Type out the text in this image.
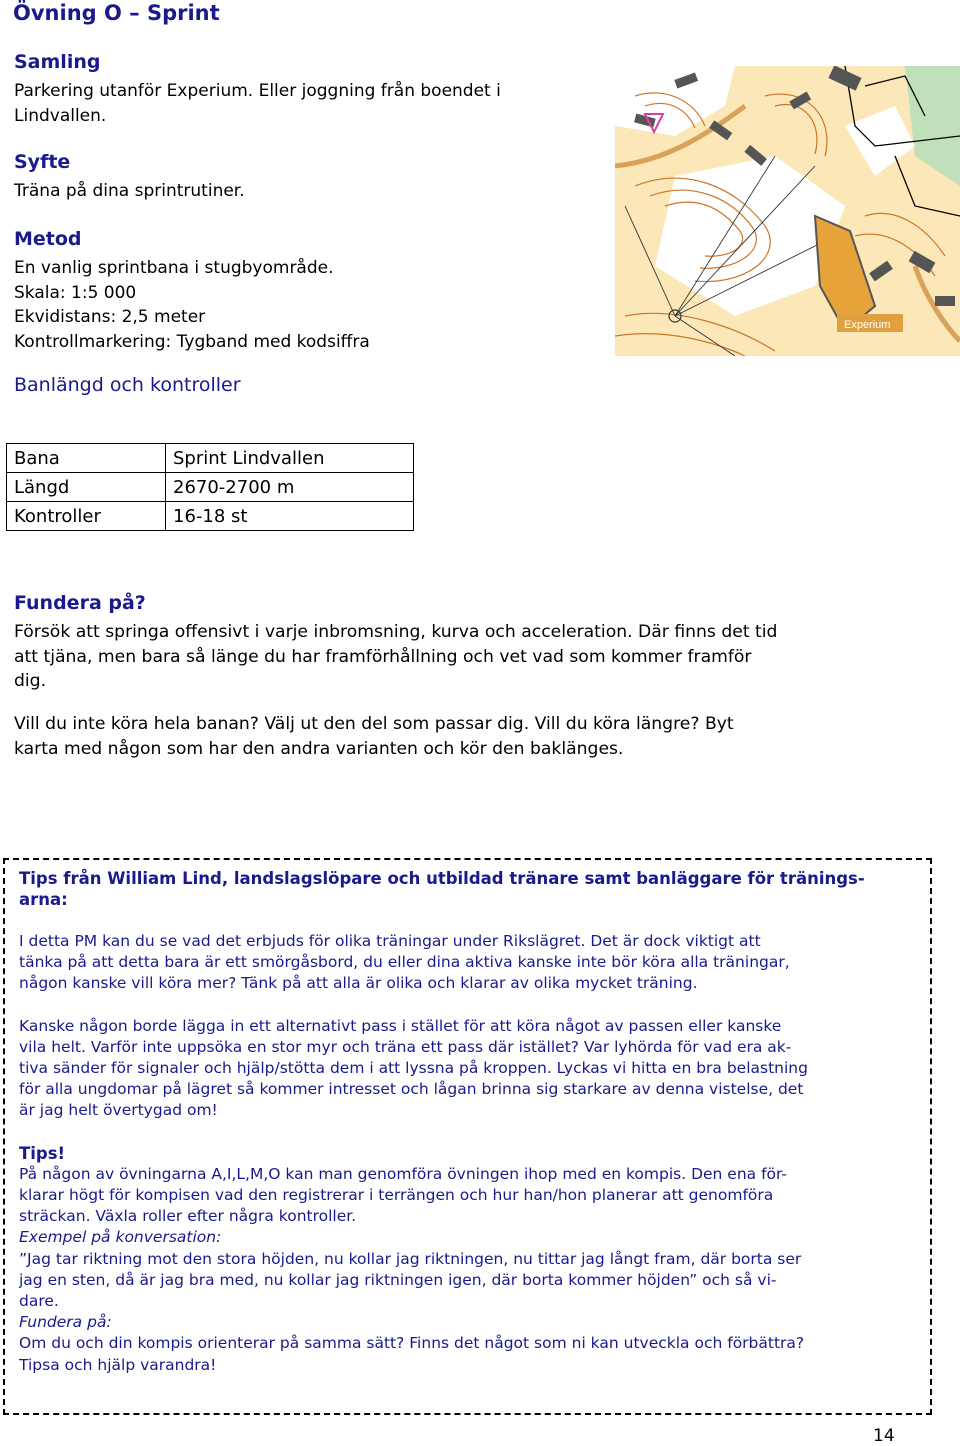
Övning O – Sprint
Samling
Parkering utanför Experium. Eller joggning från boendet i
Lindvallen.
Syfte
Träna på dina sprintrutiner.
Metod
En vanlig sprintbana i stugbyområde.
Skala: 1:5 000
Ekvidistans: 2,5 meter
Kontrollmarkering: Tygband med kodsiffra
Banlängd och kontroller
Bana	Sprint Lindvallen
Längd	2670-2700 m
Kontroller	16-18 st
Fundera på?
Försök att springa offensivt i varje inbromsning, kurva och acceleration. Där finns det tid
att tjäna, men bara så länge du har framförhållning och vet vad som kommer framför
dig.
Vill du inte köra hela banan? Välj ut den del som passar dig. Vill du köra längre? Byt
karta med någon som har den andra varianten och kör den baklänges.
Experium

Tips från William Lind, landslagslöpare och utbildad tränare samt banläggare för tränings-

arna:

I detta PM kan du se vad det erbjuds för olika träningar under Rikslägret. Det är dock viktigt att

tänka på att detta bara är ett smörgåsbord, du eller dina aktiva kanske inte bör köra alla träningar,

någon kanske vill köra mer? Tänk på att alla är olika och klarar av olika mycket träning.

Kanske någon borde lägga in ett alternativt pass i stället för att köra något av passen eller kanske

vila helt. Varför inte uppsöka en stor myr och träna ett pass där istället? Var lyhörda för vad era ak-

tiva sänder för signaler och hjälp/stötta dem i att lyssna på kroppen. Lyckas vi hitta en bra belastning

för alla ungdomar på lägret så kommer intresset och lågan brinna sig starkare av denna vistelse, det

är jag helt övertygad om!

Tips!

På någon av övningarna A,I,L,M,O kan man genomföra övningen ihop med en kompis. Den ena för-

klarar högt för kompisen vad den registrerar i terrängen och hur han/hon planerar att genomföra

sträckan. Växla roller efter några kontroller.

Exempel på konversation:

”Jag tar riktning mot den stora höjden, nu kollar jag riktningen, nu tittar jag långt fram, där borta ser

jag en sten, då är jag bra med, nu kollar jag riktningen igen, där borta kommer höjden” och så vi-

dare.

Fundera på:

Om du och din kompis orienterar på samma sätt? Finns det något som ni kan utveckla och förbättra?

Tipsa och hjälp varandra!

14
